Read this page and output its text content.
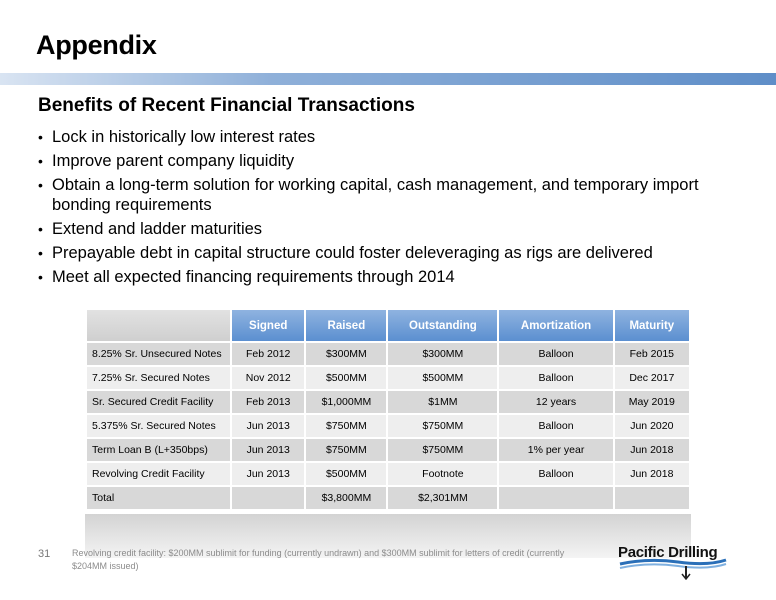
Appendix
Benefits of Recent Financial Transactions
• Lock in historically low interest rates
• Improve parent company liquidity
• Obtain a long-term solution for working capital, cash management, and temporary import bonding requirements
• Extend and ladder maturities
• Prepayable debt in capital structure could foster deleveraging as rigs are delivered
• Meet all expected financing requirements through 2014
	Signed	Raised	Outstanding	Amortization	Maturity
8.25% Sr. Unsecured Notes	Feb 2012	$300MM	$300MM	Balloon	Feb 2015
7.25% Sr. Secured Notes	Nov 2012	$500MM	$500MM	Balloon	Dec 2017
Sr. Secured Credit Facility	Feb 2013	$1,000MM	$1MM	12 years	May 2019
5.375% Sr. Secured Notes	Jun 2013	$750MM	$750MM	Balloon	Jun 2020
Term Loan B (L+350bps)	Jun 2013	$750MM	$750MM	1% per year	Jun 2018
Revolving Credit Facility	Jun 2013	$500MM	Footnote	Balloon	Jun 2018
Total		$3,800MM	$2,301MM		
31 Revolving credit facility: $200MM sublimit for funding (currently undrawn) and $300MM sublimit for letters of credit (currently $204MM issued)
Pacific Drilling
